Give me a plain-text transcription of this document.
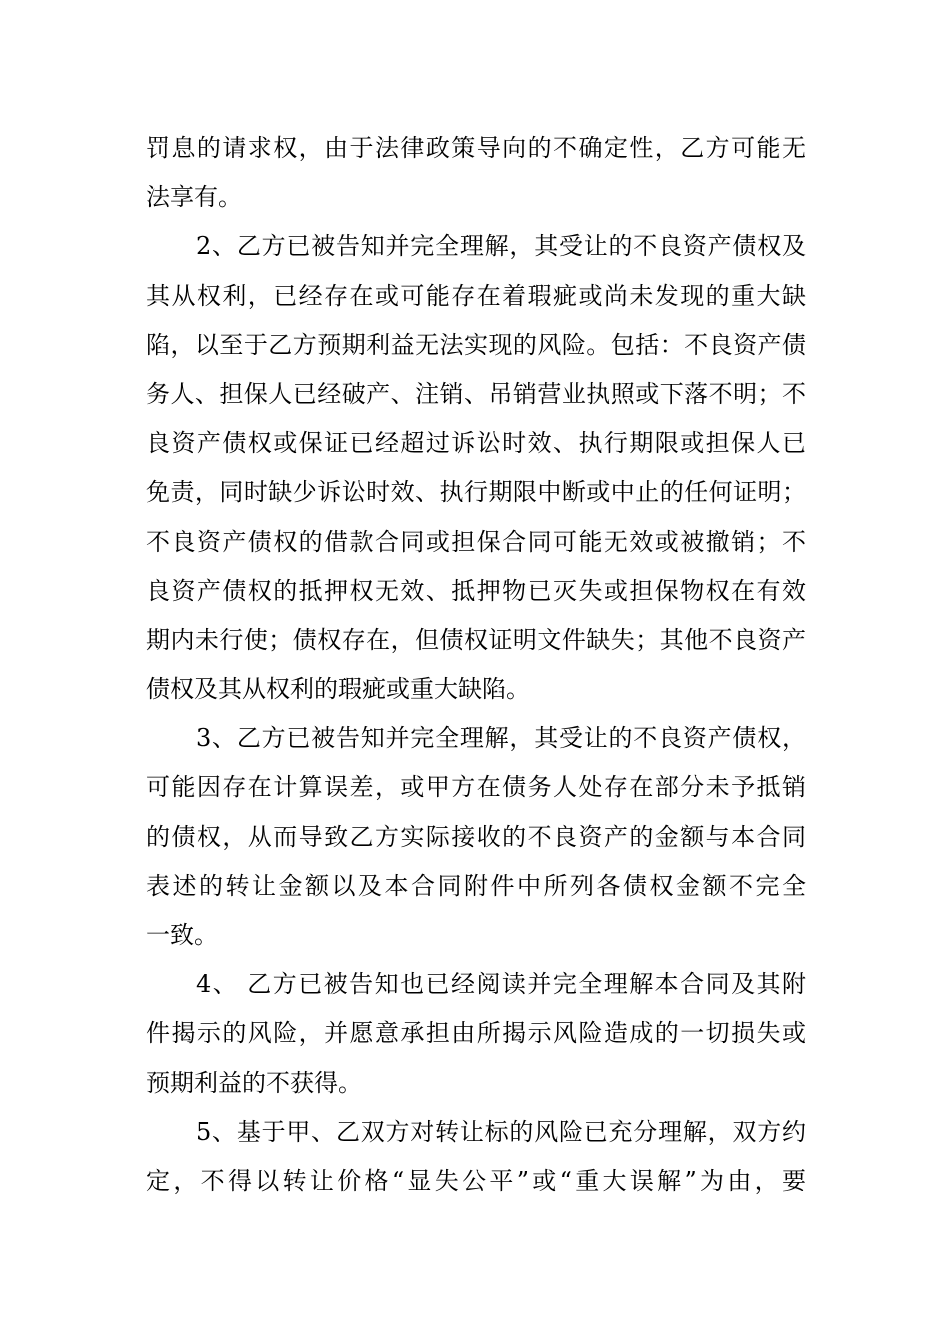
罚息的请求权，由于法律政策导向的不确定性，乙方可能无
法享有。
2、乙方已被告知并完全理解，其受让的不良资产债权及
其从权利，已经存在或可能存在着瑕疵或尚未发现的重大缺
陷，以至于乙方预期利益无法实现的风险。包括：不良资产债
务人、担保人已经破产、注销、吊销营业执照或下落不明；不
良资产债权或保证已经超过诉讼时效、执行期限或担保人已
免责，同时缺少诉讼时效、执行期限中断或中止的任何证明；
不良资产债权的借款合同或担保合同可能无效或被撤销；不
良资产债权的抵押权无效、抵押物已灭失或担保物权在有效
期内未行使；债权存在，但债权证明文件缺失；其他不良资产
债权及其从权利的瑕疵或重大缺陷。
3、乙方已被告知并完全理解，其受让的不良资产债权，
可能因存在计算误差，或甲方在债务人处存在部分未予抵销
的债权，从而导致乙方实际接收的不良资产的金额与本合同
表述的转让金额以及本合同附件中所列各债权金额不完全
一致。
4、 乙方已被告知也已经阅读并完全理解本合同及其附
件揭示的风险，并愿意承担由所揭示风险造成的一切损失或
预期利益的不获得。
5、基于甲、乙双方对转让标的风险已充分理解，双方约
定，不得以转让价格“显失公平”或“重大误解”为由，要
